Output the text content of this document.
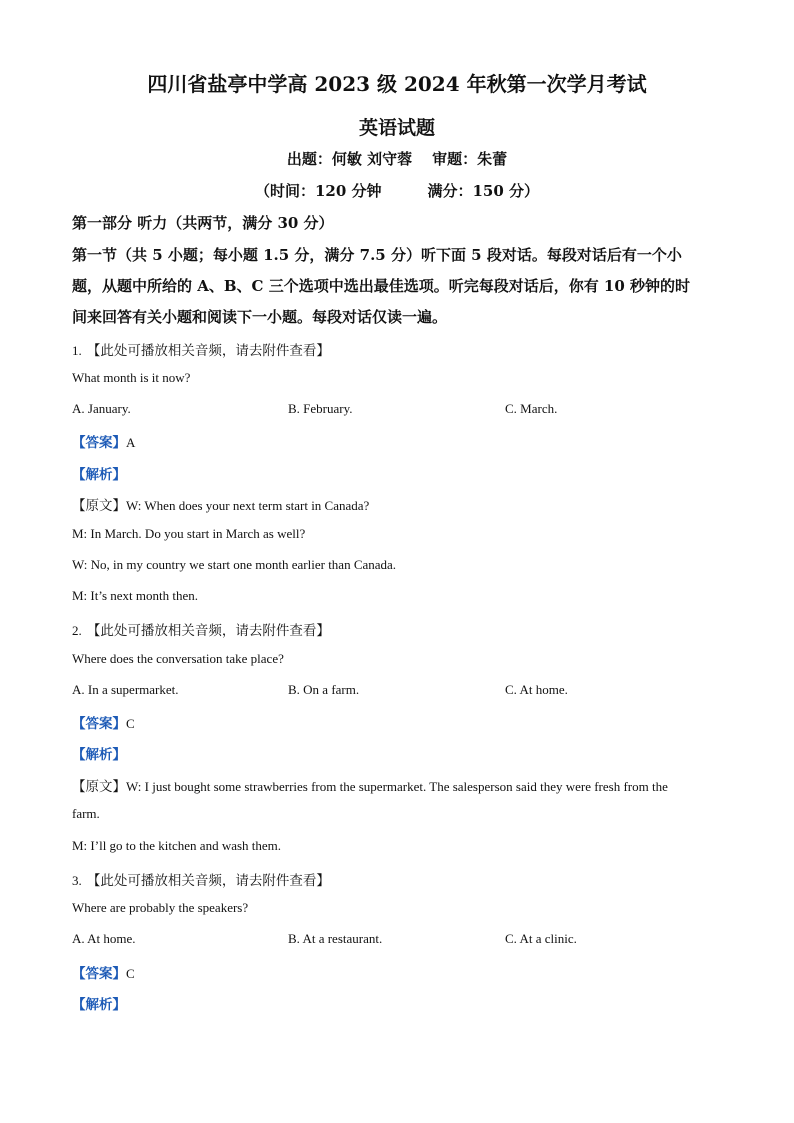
四川省盐亭中学高 2023 级 2024 年秋第一次学月考试
英语试题
出题：何敏 刘守蓉 审题：朱蕾
（时间：120 分钟	满分：150 分）
第一部分 听力（共两节，满分 30 分）
第一节（共 5 小题；每小题 1.5 分，满分 7.5 分）听下面 5 段对话。每段对话后有一个小
题，从题中所给的 A、B、C 三个选项中选出最佳选项。听完每段对话后，你有 10 秒钟的时
间来回答有关小题和阅读下一小题。每段对话仅读一遍。
1. 【此处可播放相关音频，请去附件查看】
What month is it now?
A. January.	B. February.	C. March.
【答案】A
【解析】
【原文】W: When does your next term start in Canada?
M: In March. Do you start in March as well?
W: No, in my country we start one month earlier than Canada.
M: It’s next month then.
2. 【此处可播放相关音频，请去附件查看】
Where does the conversation take place?
A. In a supermarket.	B. On a farm.	C. At home.
【答案】C
【解析】
【原文】W: I just bought some strawberries from the supermarket. The salesperson said they were fresh from the
farm.
M: I’ll go to the kitchen and wash them.
3. 【此处可播放相关音频，请去附件查看】
Where are probably the speakers?
A. At home.	B. At a restaurant.	C. At a clinic.
【答案】C
【解析】
